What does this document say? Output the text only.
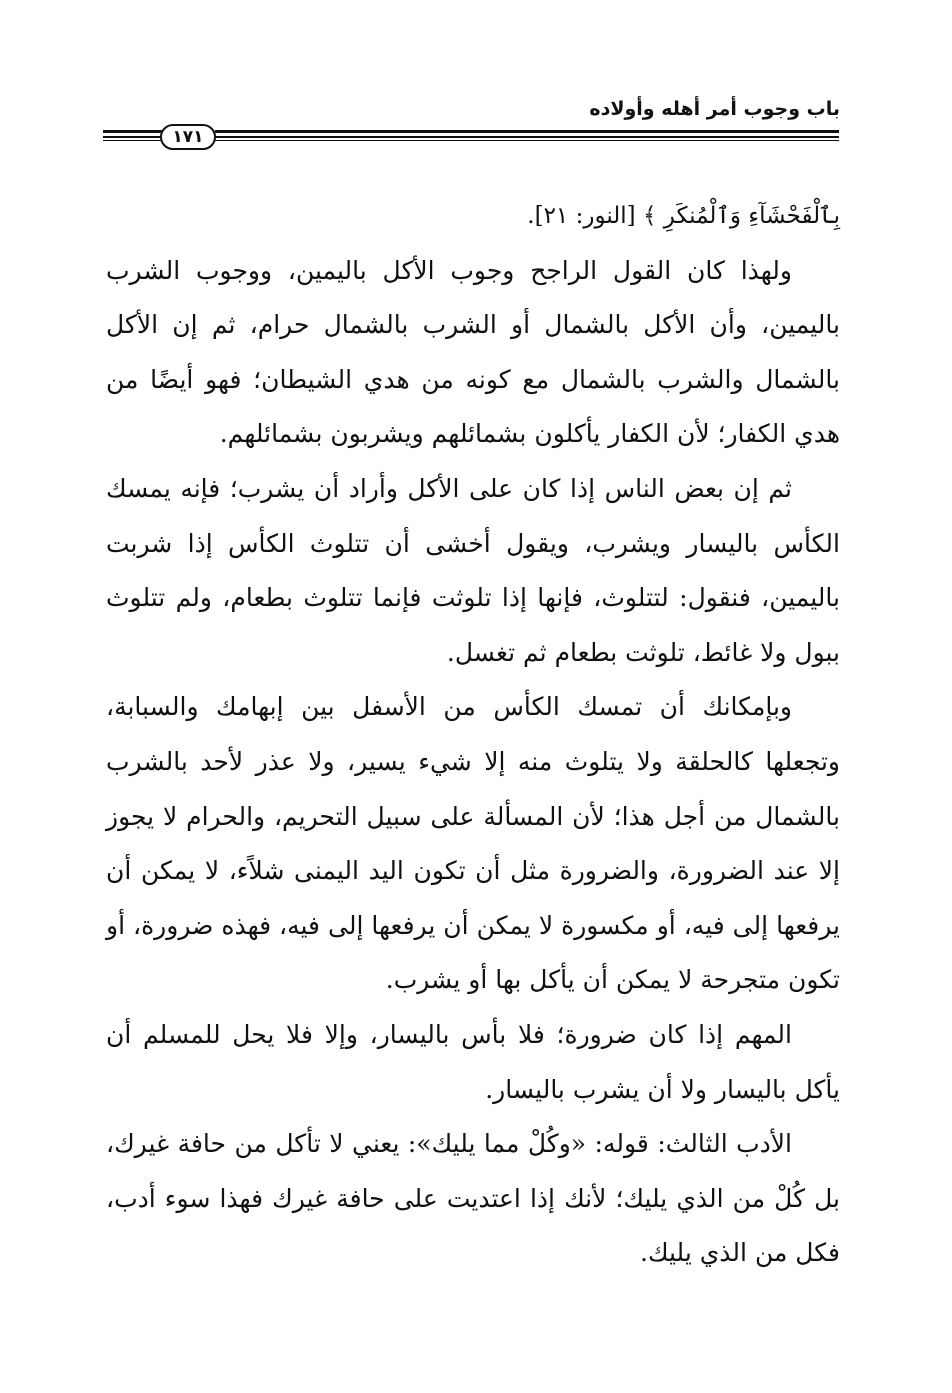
باب وجوب أمر أهله وأولاده
١٧١

بِٱلْفَحْشَآءِ وَٱلْمُنكَرِ ﴾ [النور: ٢١].

ولهذا كان القول الراجح وجوب الأكل باليمين، ووجوب الشرب باليمين، وأن الأكل بالشمال أو الشرب بالشمال حرام، ثم إن الأكل بالشمال والشرب بالشمال مع كونه من هدي الشيطان؛ فهو أيضًا من هدي الكفار؛ لأن الكفار يأكلون بشمائلهم ويشربون بشمائلهم.

ثم إن بعض الناس إذا كان على الأكل وأراد أن يشرب؛ فإنه يمسك الكأس باليسار ويشرب، ويقول أخشى أن تتلوث الكأس إذا شربت باليمين، فنقول: لتتلوث، فإنها إذا تلوثت فإنما تتلوث بطعام، ولم تتلوث ببول ولا غائط، تلوثت بطعام ثم تغسل.

وبإمكانك أن تمسك الكأس من الأسفل بين إبهامك والسبابة، وتجعلها كالحلقة ولا يتلوث منه إلا شيء يسير، ولا عذر لأحد بالشرب بالشمال من أجل هذا؛ لأن المسألة على سبيل التحريم، والحرام لا يجوز إلا عند الضرورة، والضرورة مثل أن تكون اليد اليمنى شلاًء، لا يمكن أن يرفعها إلى فيه، أو مكسورة لا يمكن أن يرفعها إلى فيه، فهذه ضرورة، أو تكون متجرحة لا يمكن أن يأكل بها أو يشرب.

المهم إذا كان ضرورة؛ فلا بأس باليسار، وإلا فلا يحل للمسلم أن يأكل باليسار ولا أن يشرب باليسار.

الأدب الثالث: قوله: «وكُلْ مما يليك»: يعني لا تأكل من حافة غيرك، بل كُلْ من الذي يليك؛ لأنك إذا اعتديت على حافة غيرك فهذا سوء أدب، فكل من الذي يليك.
